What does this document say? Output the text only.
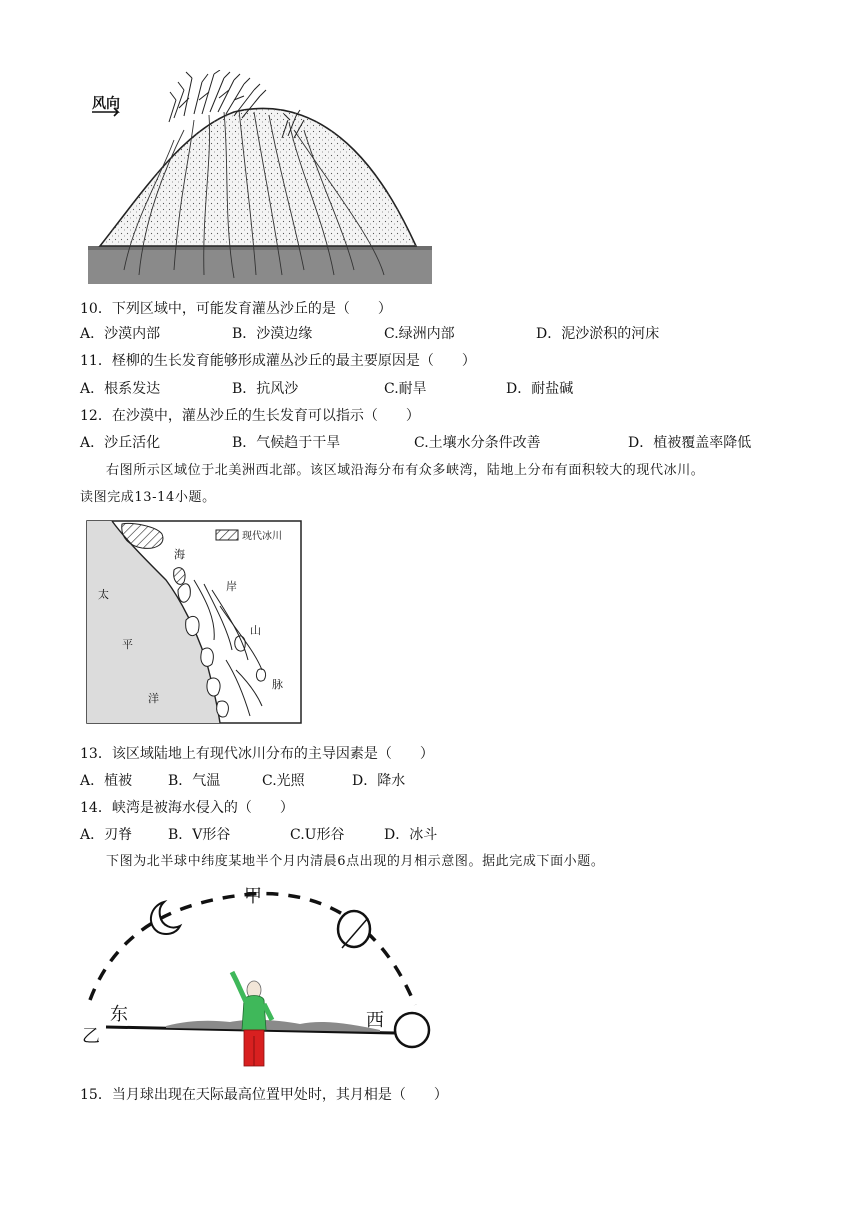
风向
10．下列区域中，可能发育灌丛沙丘的是（　　）
A．沙漠内部	B．沙漠边缘	C.绿洲内部	D．泥沙淤积的河床
11．柽柳的生长发育能够形成灌丛沙丘的最主要原因是（　　）
A．根系发达	B．抗风沙	C.耐旱	D．耐盐碱
12．在沙漠中，灌丛沙丘的生长发育可以指示（　　）
A．沙丘活化	B．气候趋于干旱	C.土壤水分条件改善	D．植被覆盖率降低
右图所示区域位于北美洲西北部。该区域沿海分布有众多峡湾，陆地上分布有面积较大的现代冰川。
读图完成13-14小题。
现代冰川
太
平
洋
海
岸
山
脉
13．该区域陆地上有现代冰川分布的主导因素是（　　）
A．植被	B．气温	C.光照	D．降水
14．峡湾是被海水侵入的（　　）
A．刃脊	B．V形谷	C.U形谷	D．冰斗
下图为北半球中纬度某地半个月内清晨6点出现的月相示意图。据此完成下面小题。
甲
乙
东	西
15．当月球出现在天际最高位置甲处时，其月相是（　　）
